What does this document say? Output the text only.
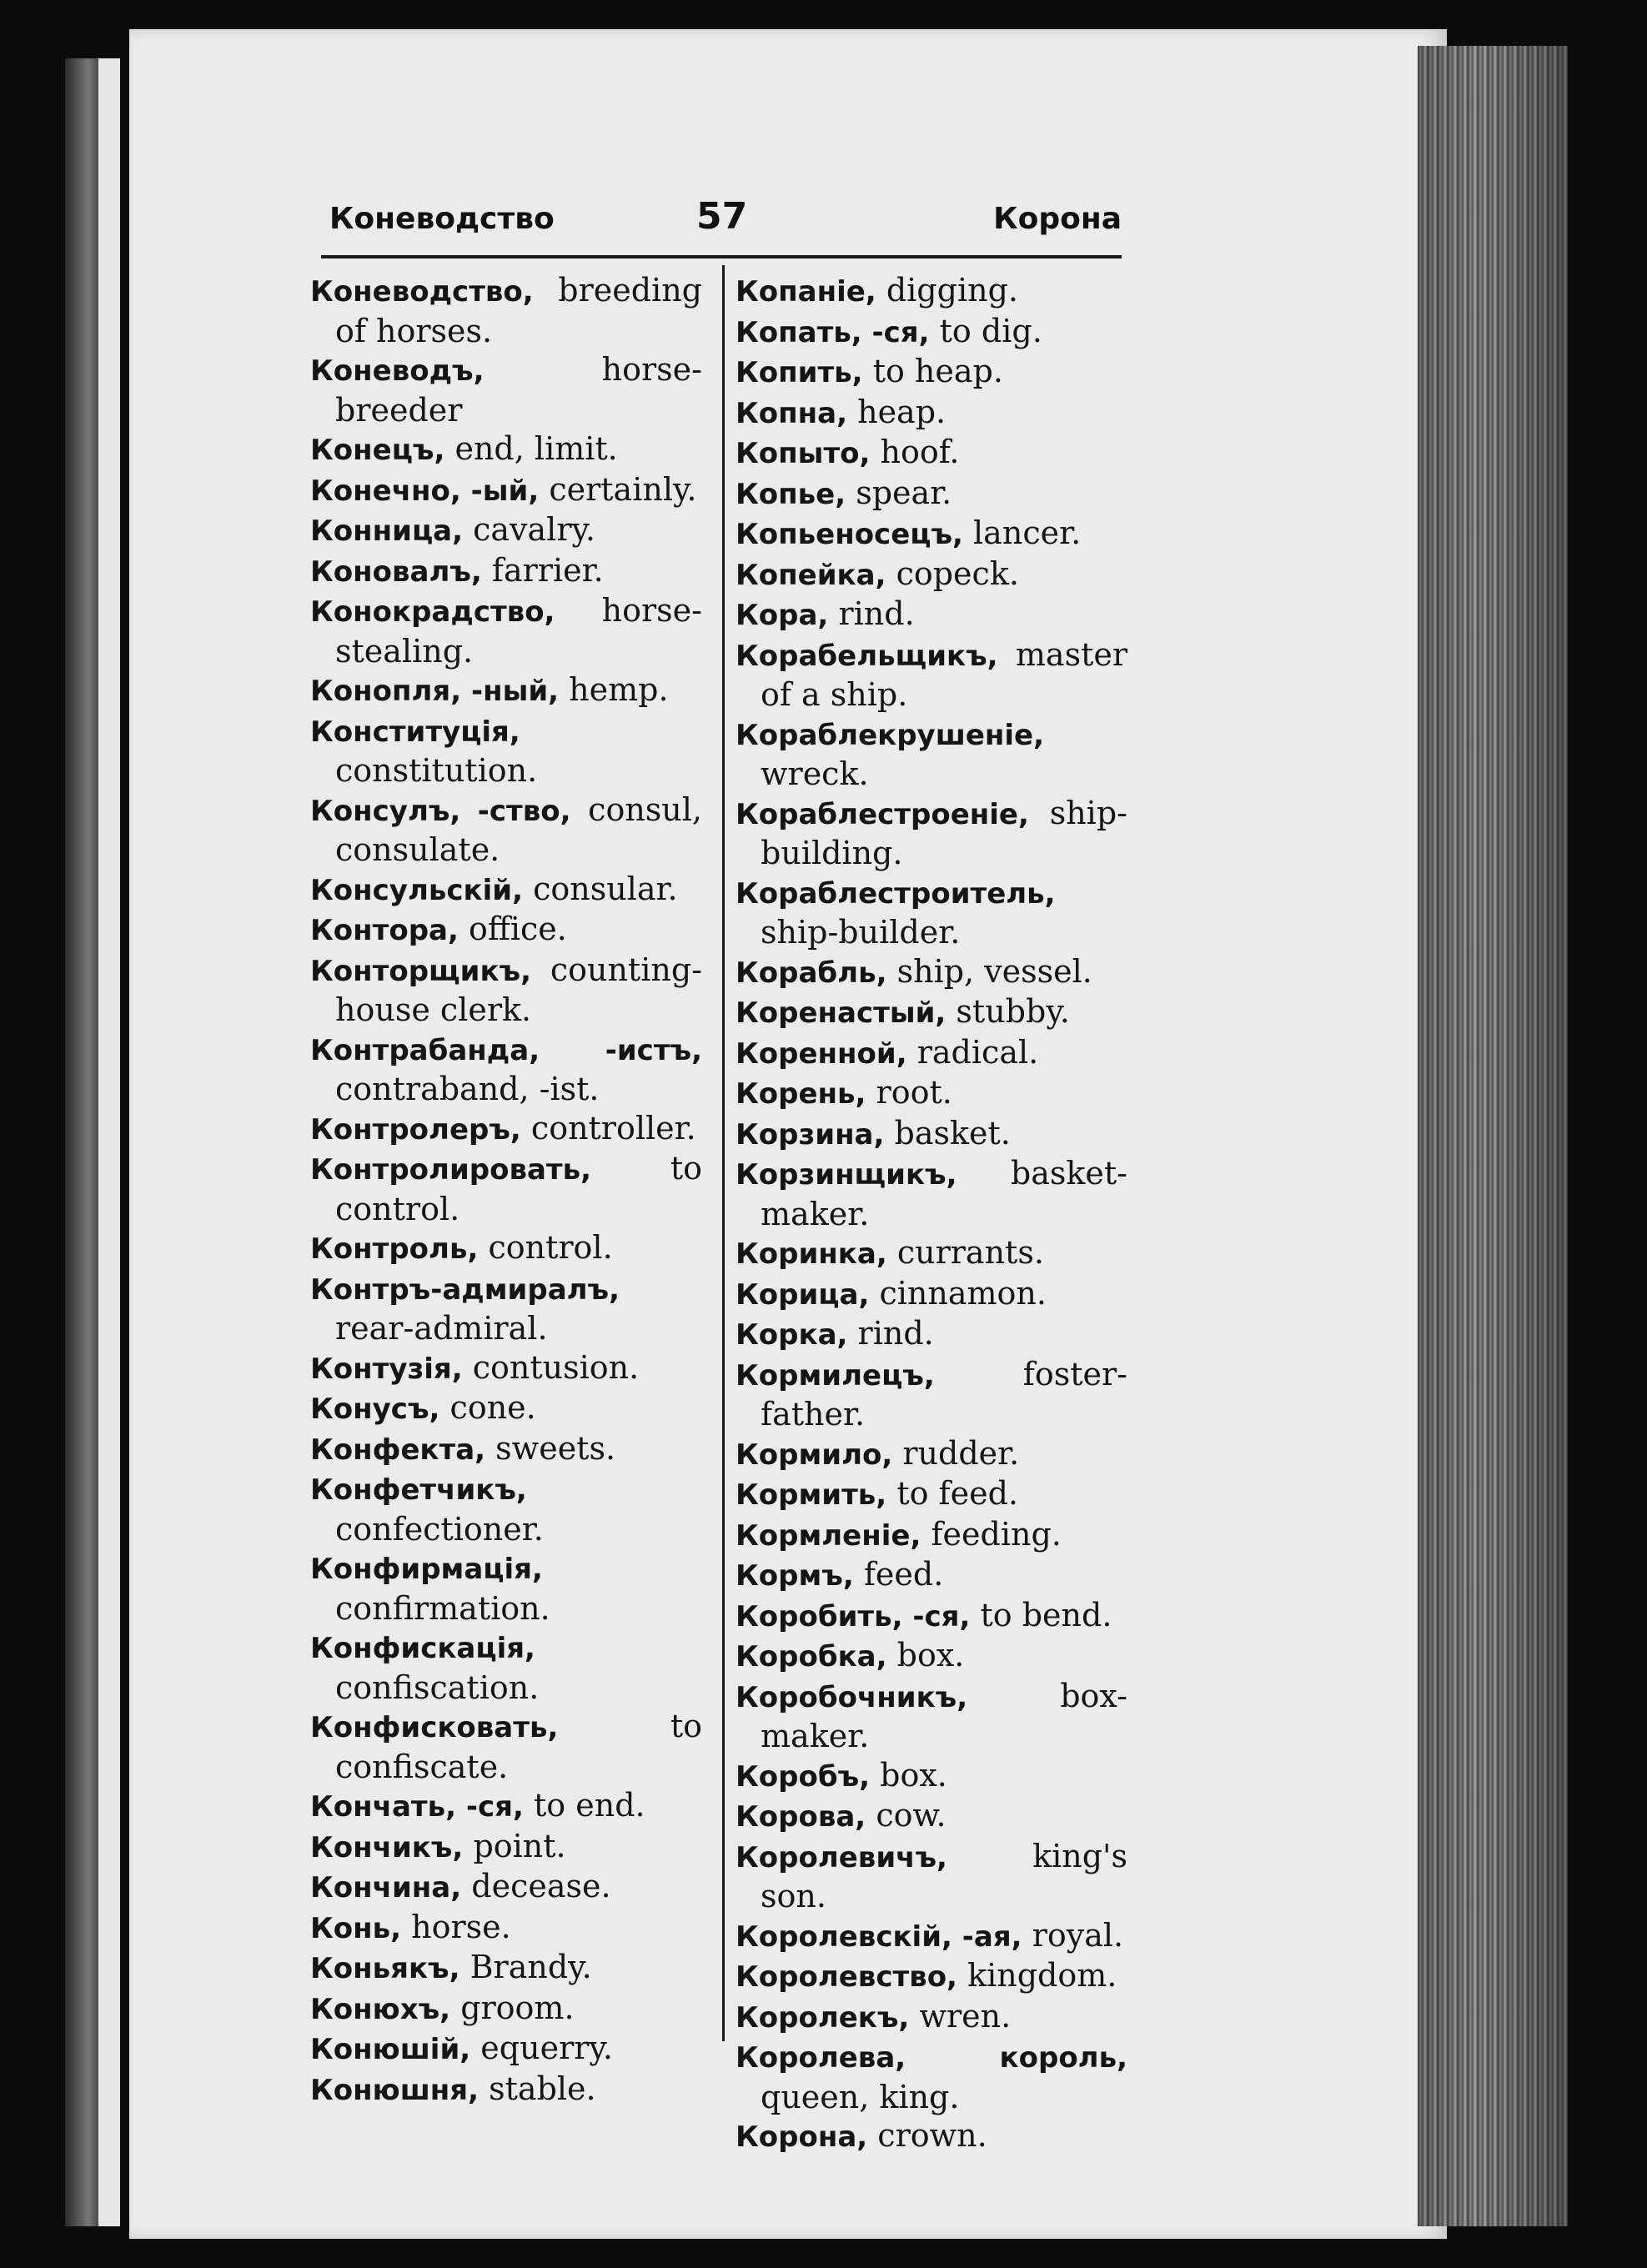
Коневодство	57	Корона

Коневодство, breeding of horses.

Коневодъ,	horse-breeder

Конецъ, end, limit.

Конечно, -ый, certainly.

Конница, cavalry.

Коновалъ, farrier.

Конокрадство, horse-stealing.

Конопля, -ный, hemp.

Конституція, constitution.

Консулъ, -ство, consul, consulate.

Консульскій, consular.

Контора, office.

Конторщикъ, counting-house clerk.

Контрабанда, -истъ, contraband, -ist.

Контролеръ, controller.

Контролировать, to control.

Контроль, control.

Контръ-адмиралъ, rear-admiral.

Контузія, contusion.

Конусъ, cone.

Конфекта, sweets.

Конфетчикъ, confectioner.

Конфирмація, confirmation.

Конфискація, confiscation.

Конфисковать,	to confiscate.

Кончать, -ся, to end.

Кончикъ, point.

Кончина, decease.

Конь, horse.

Коньякъ, Brandy.

Конюхъ, groom.

Конюшій, equerry.

Конюшня, stable.

Копаніе, digging.

Копать, -ся, to dig.

Копить, to heap.

Копна, heap.

Копыто, hoof.

Копье, spear.

Копьеносецъ, lancer.

Копейка, copeck.

Кора, rind.

Корабельщикъ, master of a ship.

Кораблекрушеніе, wreck.

Кораблестроеніе, ship-building.

Кораблестроитель, ship-builder.

Корабль, ship, vessel.

Коренастый, stubby.

Коренной, radical.

Корень, root.

Корзина, basket.

Корзинщикъ, basket-maker.

Коринка, currants.

Корица, cinnamon.

Корка, rind.

Кормилецъ,	foster-father.

Кормило, rudder.

Кормить, to feed.

Кормленіе, feeding.

Кормъ, feed.

Коробить, -ся, to bend.

Коробка, box.

Коробочникъ,	box-maker.

Коробъ, box.

Корова, cow.

Королевичъ,	king's son.

Королевскій, -ая, royal.

Королевство, kingdom.

Королекъ, wren.

Королева, король, queen, king.

Корона, crown.
